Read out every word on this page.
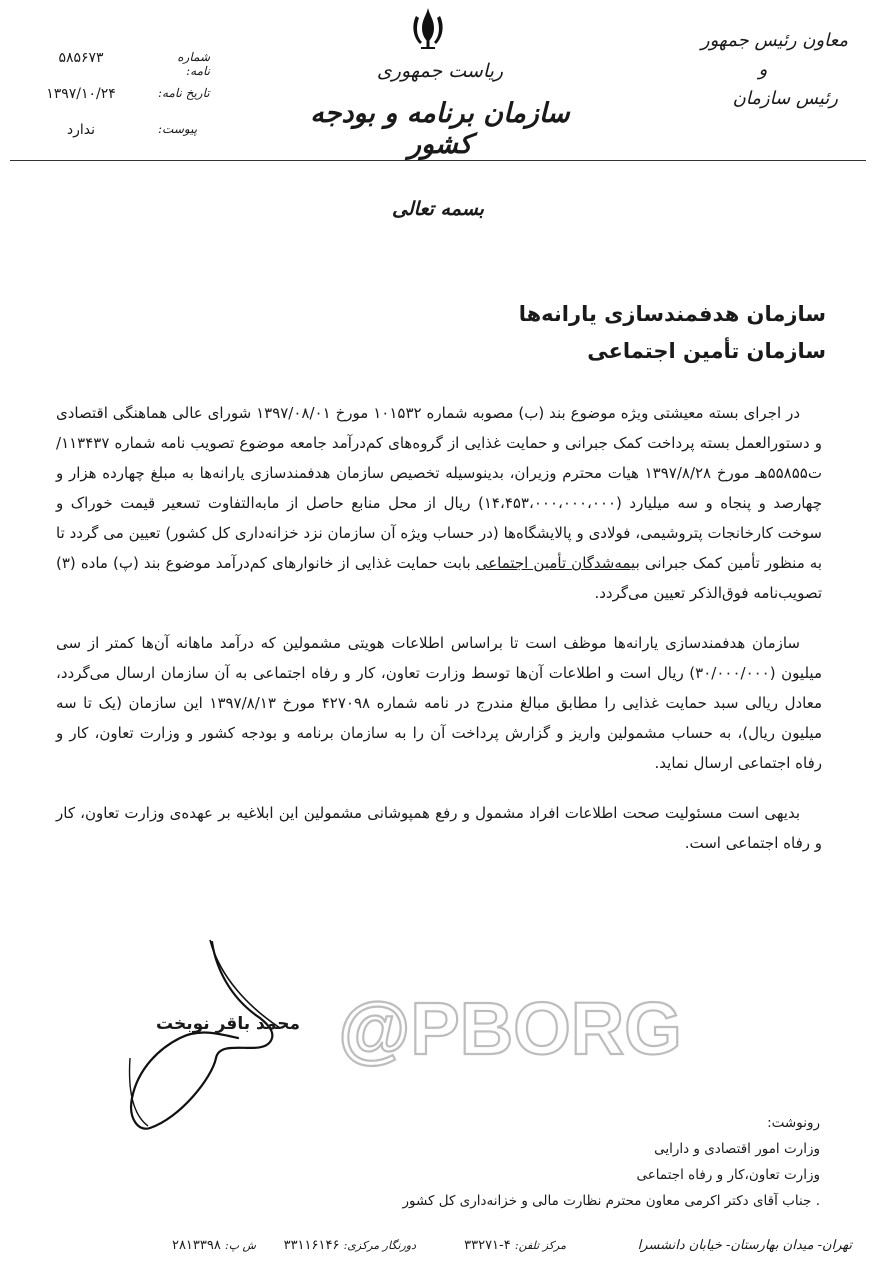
ریاست جمهوری
سازمان برنامه و بودجه کشور
معاون رئیس جمهور
و
رئیس سازمان
شماره نامه:
۵۸۵۶۷۳
تاریخ نامه:
۱۳۹۷/۱۰/۲۴
پیوست:
ندارد
بسمه تعالی
سازمان هدفمندسازی یارانه‌ها
سازمان تأمین اجتماعی

در اجرای بسته معیشتی ویژه موضوع بند (ب) مصوبه شماره ۱۰۱۵۳۲ مورخ ۱۳۹۷/۰۸/۰۱ شورای عالی هماهنگی اقتصادی و دستورالعمل بسته پرداخت کمک جبرانی و حمایت غذایی از گروه‌های کم‌درآمد جامعه موضوع تصویب نامه شماره ۱۱۳۴۳۷/ت۵۵۸۵۵هـ مورخ ۱۳۹۷/۸/۲۸ هیات محترم وزیران، بدینوسیله تخصیص سازمان هدفمندسازی یارانه‌ها به مبلغ چهارده هزار و چهارصد و پنجاه و سه میلیارد (۱۴،۴۵۳،۰۰۰،۰۰۰،۰۰۰) ریال از محل منابع حاصل از مابه‌التفاوت تسعیر قیمت خوراک و سوخت کارخانجات پتروشیمی، فولادی و پالایشگاه‌ها (در حساب ویژه آن سازمان نزد خزانه‌داری کل کشور) تعیین می گردد تا به منظور تأمین کمک جبرانی بیمه‌شدگان تأمین اجتماعی بابت حمایت غذایی از خانوارهای کم‌درآمد موضوع بند (پ) ماده (۳) تصویب‌نامه فوق‌الذکر تعیین می‌گردد.

سازمان هدفمندسازی یارانه‌ها موظف است تا براساس اطلاعات هویتی مشمولین که درآمد ماهانه آن‌ها کمتر از سی میلیون (۳۰/۰۰۰/۰۰۰) ریال است و اطلاعات آن‌ها توسط وزارت تعاون، کار و رفاه اجتماعی به آن سازمان ارسال می‌گردد، معادل ریالی سبد حمایت غذایی را مطابق مبالغ مندرج در نامه شماره ۴۲۷۰۹۸ مورخ ۱۳۹۷/۸/۱۳ این سازمان (یک تا سه میلیون ریال)، به حساب مشمولین واریز و گزارش پرداخت آن را به سازمان برنامه و بودجه کشور و وزارت تعاون، کار و رفاه اجتماعی ارسال نماید.

بدیهی است مسئولیت صحت اطلاعات افراد مشمول و رفع همپوشانی مشمولین این ابلاغیه بر عهده‌ی وزارت تعاون، کار و رفاه اجتماعی است.

محمد باقر نوبخت @PBORG
رونوشت:
وزارت امور اقتصادی و دارایی
وزارت تعاون،کار و رفاه اجتماعی
. جناب آقای دکتر اکرمی معاون محترم نظارت مالی و خزانه‌داری کل کشور
تهران- میدان بهارستان- خیابان دانشسرا
مرکز تلفن: ۴-۳۳۲۷۱
دورنگار مرکزی: ۳۳۱۱۶۱۴۶
ش پ: ۲۸۱۳۳۹۸
